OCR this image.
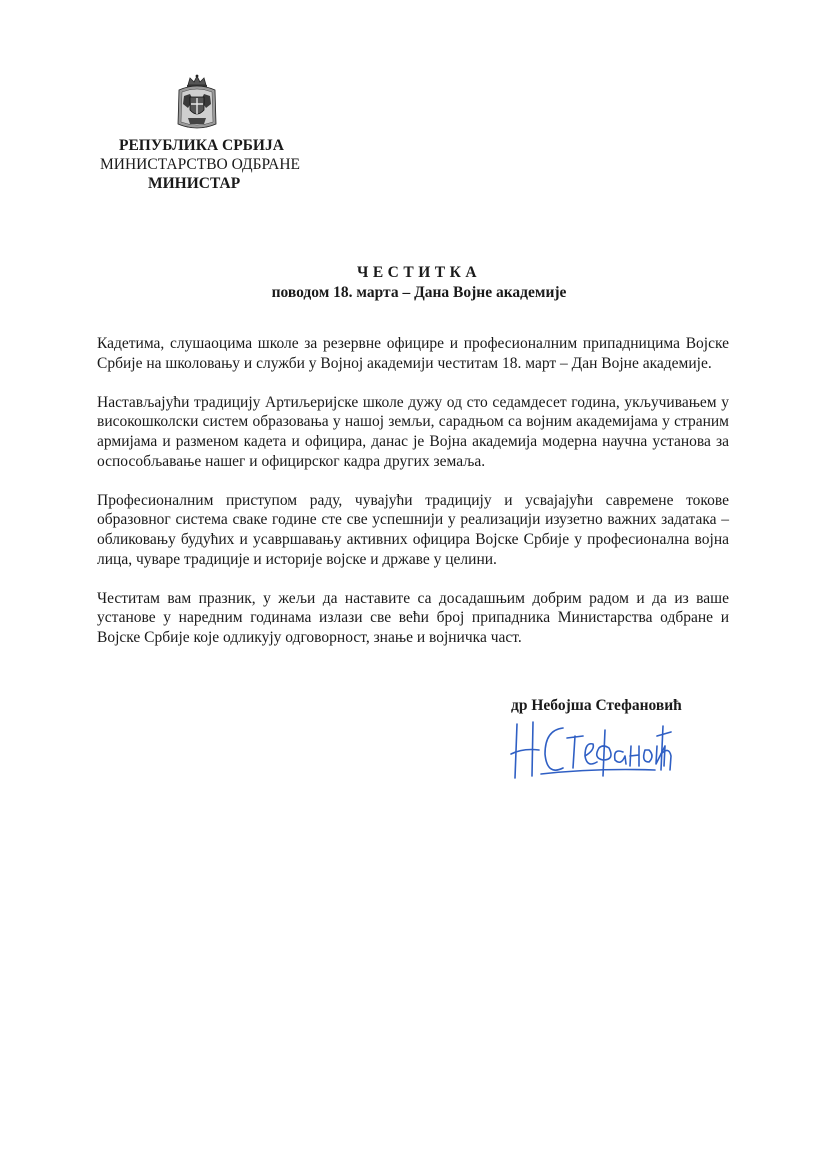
РЕПУБЛИКА СРБИЈА
МИНИСТАРСТВО ОДБРАНЕ
МИНИСТАР
ЧЕСТИТКА
поводом 18. марта – Дана Војне академије

Кадетима, слушаоцима школе за резервне официре и професионалним припадницима Војске Србије на школовању и служби у Војној академији честитам 18. март – Дан Војне академије.

Настављајући традицију Артиљеријске школе дужу од сто седамдесет година, укључивањем у високошколски систем образовања у нашој земљи, сарадњом са војним академијама у страним армијама и разменом кадета и официра, данас је Војна академија модерна научна установа за оспособљавање нашег и официрског кадра других земаља.

Професионалним приступом раду, чувајући традицију и усвајајући савремене токове образовног система сваке године сте све успешнији у реализацији изузетно важних задатака – обликовању будућих и усавршавању активних официра Војске Србије у професионална војна лица, чуваре традиције и историје војске и државе у целини.

Честитам вам празник, у жељи да наставите са досадашњим добрим радом и да из ваше установе у наредним годинама излази све већи број припадника Министарства одбране и Војске Србије које одликују одговорност, знање и војничка част.

др Небојша Стефановић
